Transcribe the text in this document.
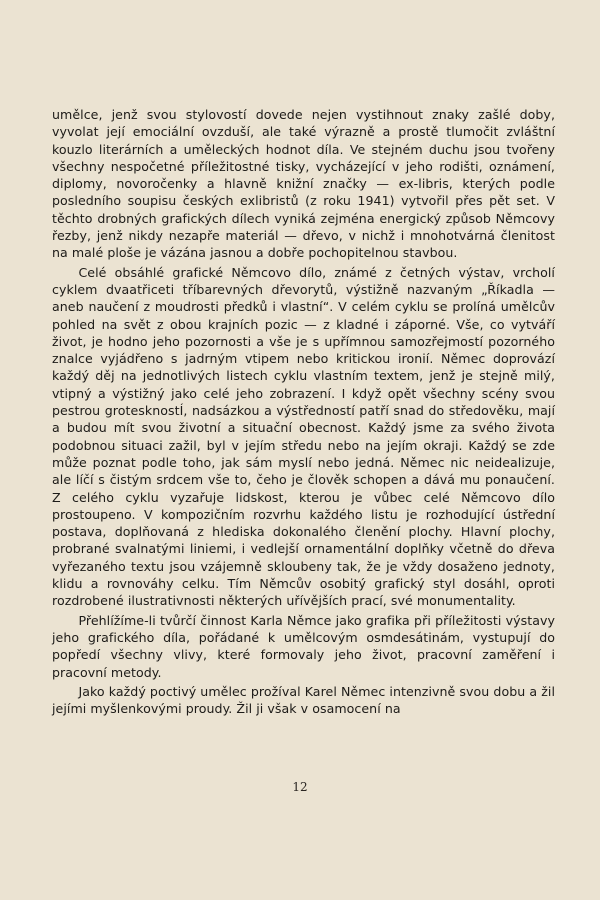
umělce, jenž svou stylovostí dovede nejen vystihnout znaky zašlé doby, vyvolat její emociální ovzduší, ale také výrazně a prostě tlumočit zvláštní kouzlo literárních a uměleckých hodnot díla. Ve stejném duchu jsou tvořeny všechny nespočetné příležitostné tisky, vycházející v jeho rodišti, oznámení, diplomy, novoročenky a hlavně knižní značky — ex-libris, kterých podle posledního soupisu českých exlibristů (z roku 1941) vytvořil přes pět set. V těchto drobných grafických dílech vyniká zejména energický způsob Němcovy řezby, jenž nikdy nezapře materiál — dřevo, v nichž i mnohotvárná členitost na malé ploše je vázána jasnou a dobře pochopitelnou stavbou.

Celé obsáhlé grafické Němcovo dílo, známé z četných výstav, vrcholí cyklem dvaatřiceti tříbarevných dřevorytů, výstižně nazvaným „Říkadla — aneb naučení z moudrosti předků i vlastní“. V celém cyklu se prolíná umělcův pohled na svět z obou krajních pozic — z kladné i záporné. Vše, co vytváří život, je hodno jeho pozornosti a vše je s upřímnou samozřejmostí pozorného znalce vyjádřeno s jadrným vtipem nebo kritickou ironií. Němec doprovází každý děj na jednotlivých listech cyklu vlastním textem, jenž je stejně milý, vtipný a výstižný jako celé jeho zobrazení. I když opět všechny scény svou pestrou grotesknostÍ, nadsázkou a výstředností patří snad do středověku, mají a budou mít svou životní a situační obecnost. Každý jsme za svého života podobnou situaci zažil, byl v jejím středu nebo na jejím okraji. Každý se zde může poznat podle toho, jak sám myslí nebo jedná. Němec nic neidealizuje, ale líčí s čistým srdcem vše to, čeho je člověk schopen a dává mu ponaučení. Z celého cyklu vyzařuje lidskost, kterou je vůbec celé Němcovo dílo prostoupeno. V kompozičním rozvrhu každého listu je rozhodující ústřední postava, doplňovaná z hlediska dokonalého členění plochy. Hlavní plochy, probrané svalnatými liniemi, i vedlejší ornamentální doplňky včetně do dřeva vyřezaného textu jsou vzájemně skloubeny tak, že je vždy dosaženo jednoty, klidu a rovnováhy celku. Tím Němcův osobitý grafický styl dosáhl, oproti rozdrobené ilustrativnosti některých uřívějších prací, své monumentality.

Přehlížíme-li tvůrčí činnost Karla Němce jako grafika při příležitosti výstavy jeho grafického díla, pořádané k umělcovým osmdesátinám, vystupují do popředí všechny vlivy, které formovaly jeho život, pracovní zaměření i pracovní metody.

Jako každý poctivý umělec prožíval Karel Němec intenzivně svou dobu a žil jejími myšlenkovými proudy. Žil ji však v osamocení na

12
